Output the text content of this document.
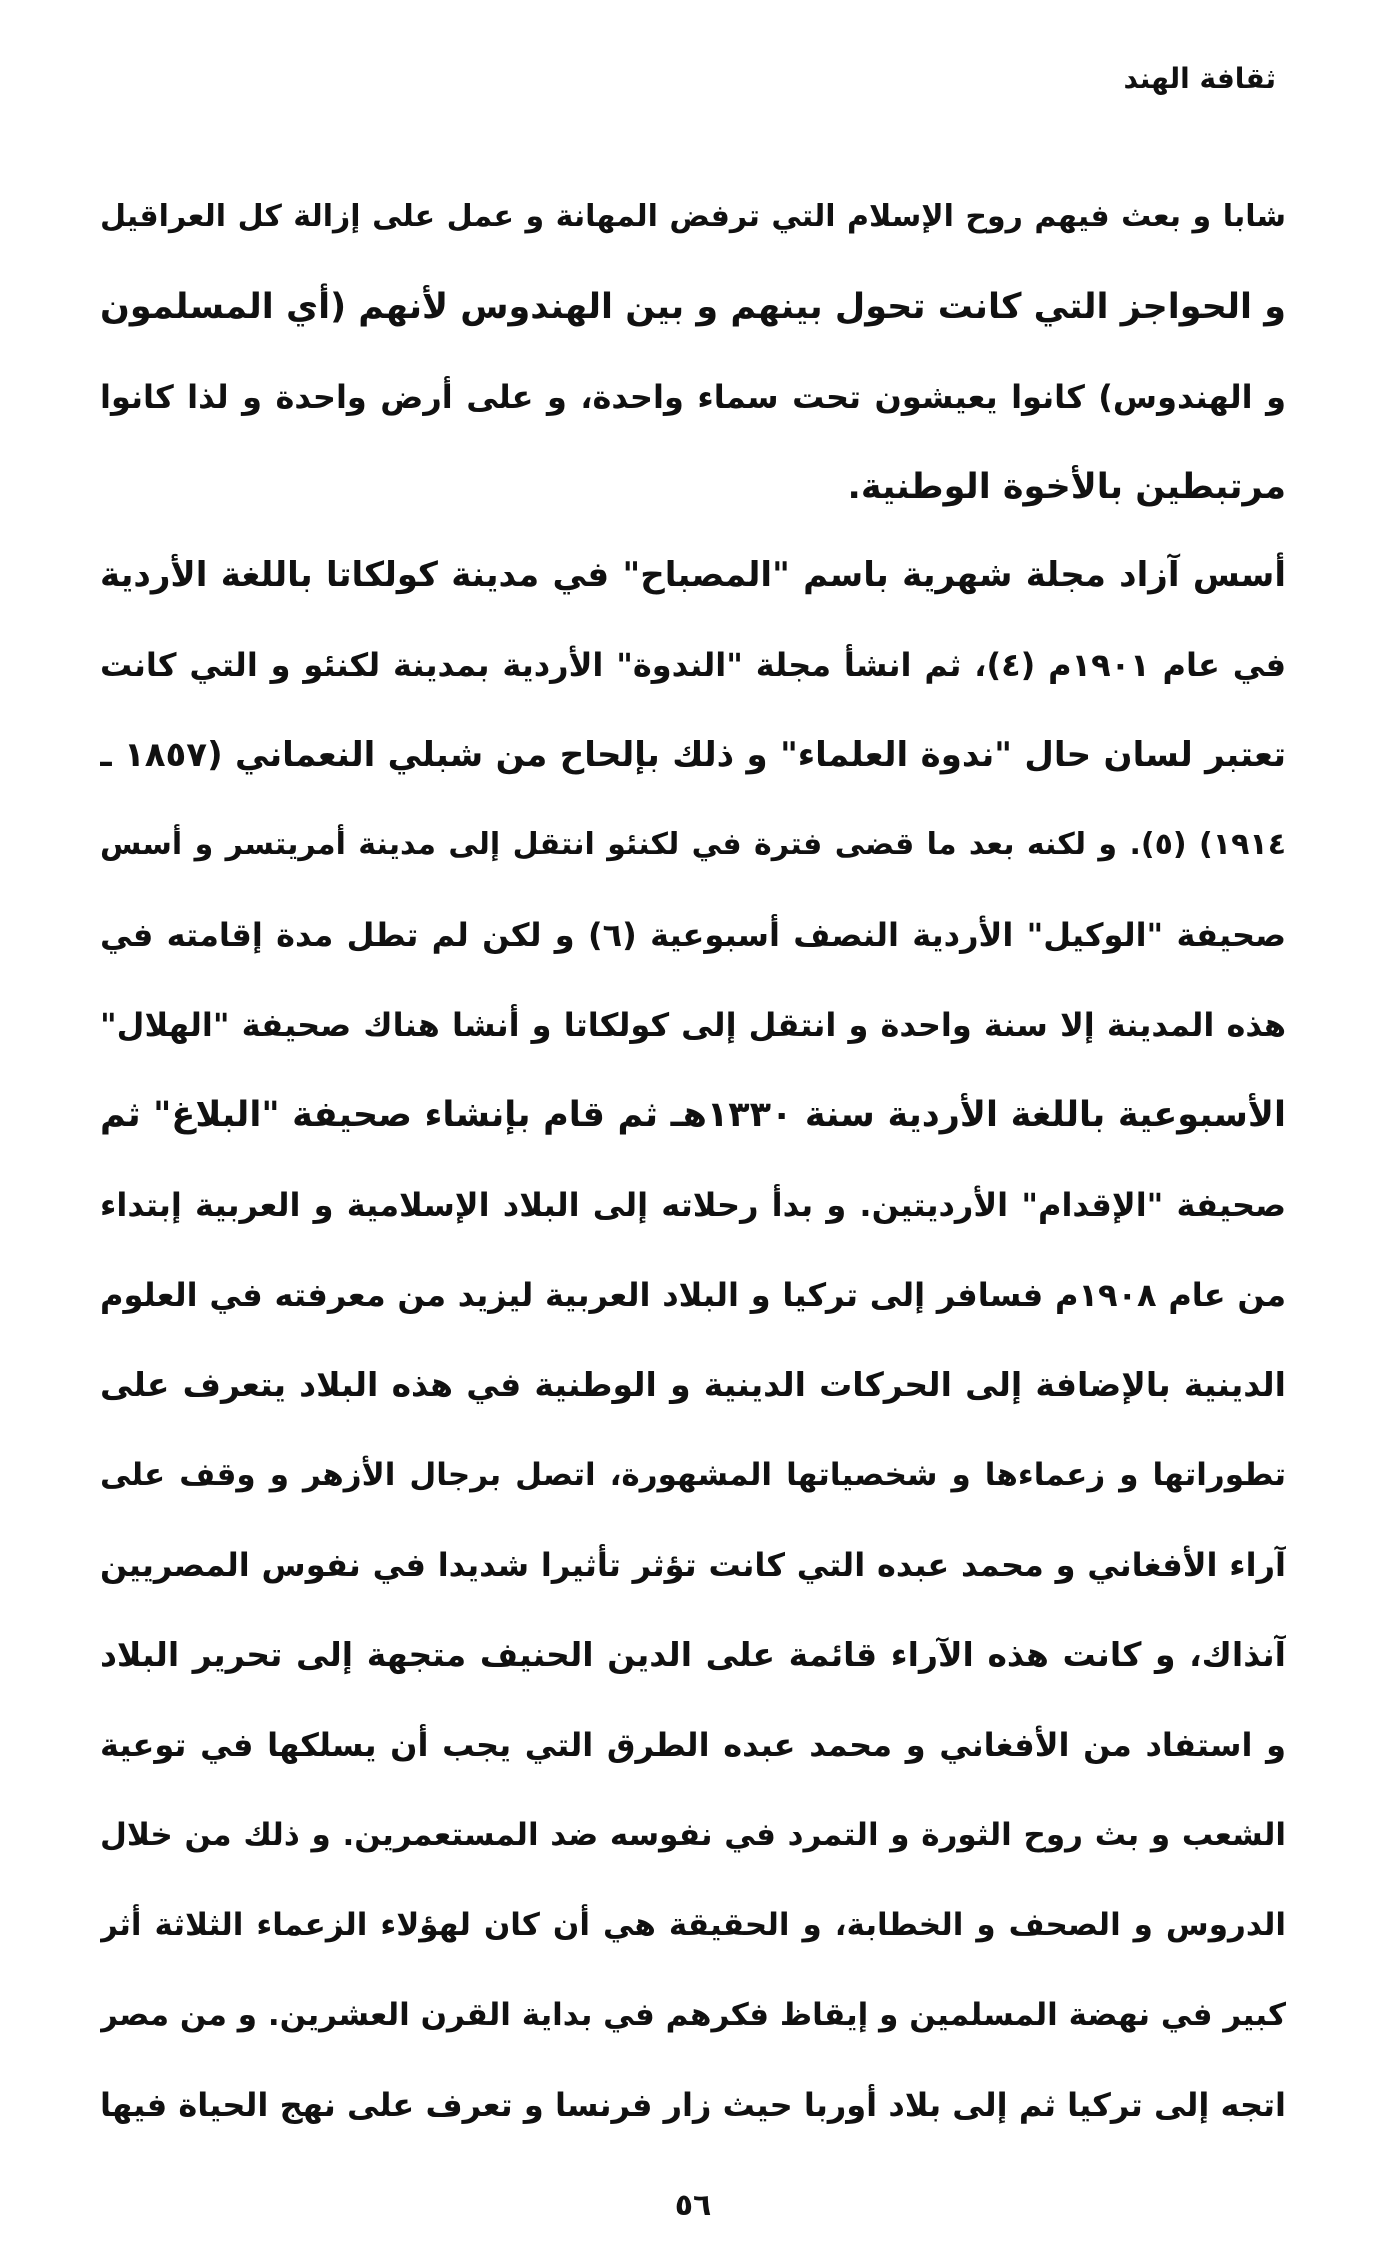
ثقافة الهند
شابا و بعث فيهم روح الإسلام التي ترفض المهانة و عمل على إزالة كل العراقيل
و الحواجز التي كانت تحول بينهم و بين الهندوس لأنهم (أي المسلمون
و الهندوس) كانوا يعيشون تحت سماء واحدة، و على أرض واحدة و لذا كانوا
مرتبطين بالأخوة الوطنية.
أسس آزاد مجلة شهرية باسم "المصباح" في مدينة كولكاتا باللغة الأردية
في عام ١٩٠١م (٤)، ثم انشأ مجلة "الندوة" الأردية بمدينة لكنئو و التي كانت
تعتبر لسان حال "ندوة العلماء" و ذلك بإلحاح من شبلي النعماني (١٨٥٧ ـ
١٩١٤) (٥). و لكنه بعد ما قضى فترة في لكنئو انتقل إلى مدينة أمريتسر و أسس
صحيفة "الوكيل" الأردية النصف أسبوعية (٦) و لكن لم تطل مدة إقامته في
هذه المدينة إلا سنة واحدة و انتقل إلى كولكاتا و أنشا هناك صحيفة "الهلال"
الأسبوعية باللغة الأردية سنة ١٣٣٠هـ ثم قام بإنشاء صحيفة "البلاغ" ثم
صحيفة "الإقدام" الأرديتين. و بدأ رحلاته إلى البلاد الإسلامية و العربية إبتداء
من عام ١٩٠٨م فسافر إلى تركيا و البلاد العربية ليزيد من معرفته في العلوم
الدينية بالإضافة إلى الحركات الدينية و الوطنية في هذه البلاد يتعرف على
تطوراتها و زعماءها و شخصياتها المشهورة، اتصل برجال الأزهر و وقف على
آراء الأفغاني و محمد عبده التي كانت تؤثر تأثيرا شديدا في نفوس المصريين
آنذاك، و كانت هذه الآراء قائمة على الدين الحنيف متجهة إلى تحرير البلاد
و استفاد من الأفغاني و محمد عبده الطرق التي يجب أن يسلكها في توعية
الشعب و بث روح الثورة و التمرد في نفوسه ضد المستعمرين. و ذلك من خلال
الدروس و الصحف و الخطابة، و الحقيقة هي أن كان لهؤلاء الزعماء الثلاثة أثر
كبير في نهضة المسلمين و إيقاظ فكرهم في بداية القرن العشرين. و من مصر
اتجه إلى تركيا ثم إلى بلاد أوربا حيث زار فرنسا و تعرف على نهج الحياة فيها
٥٦
